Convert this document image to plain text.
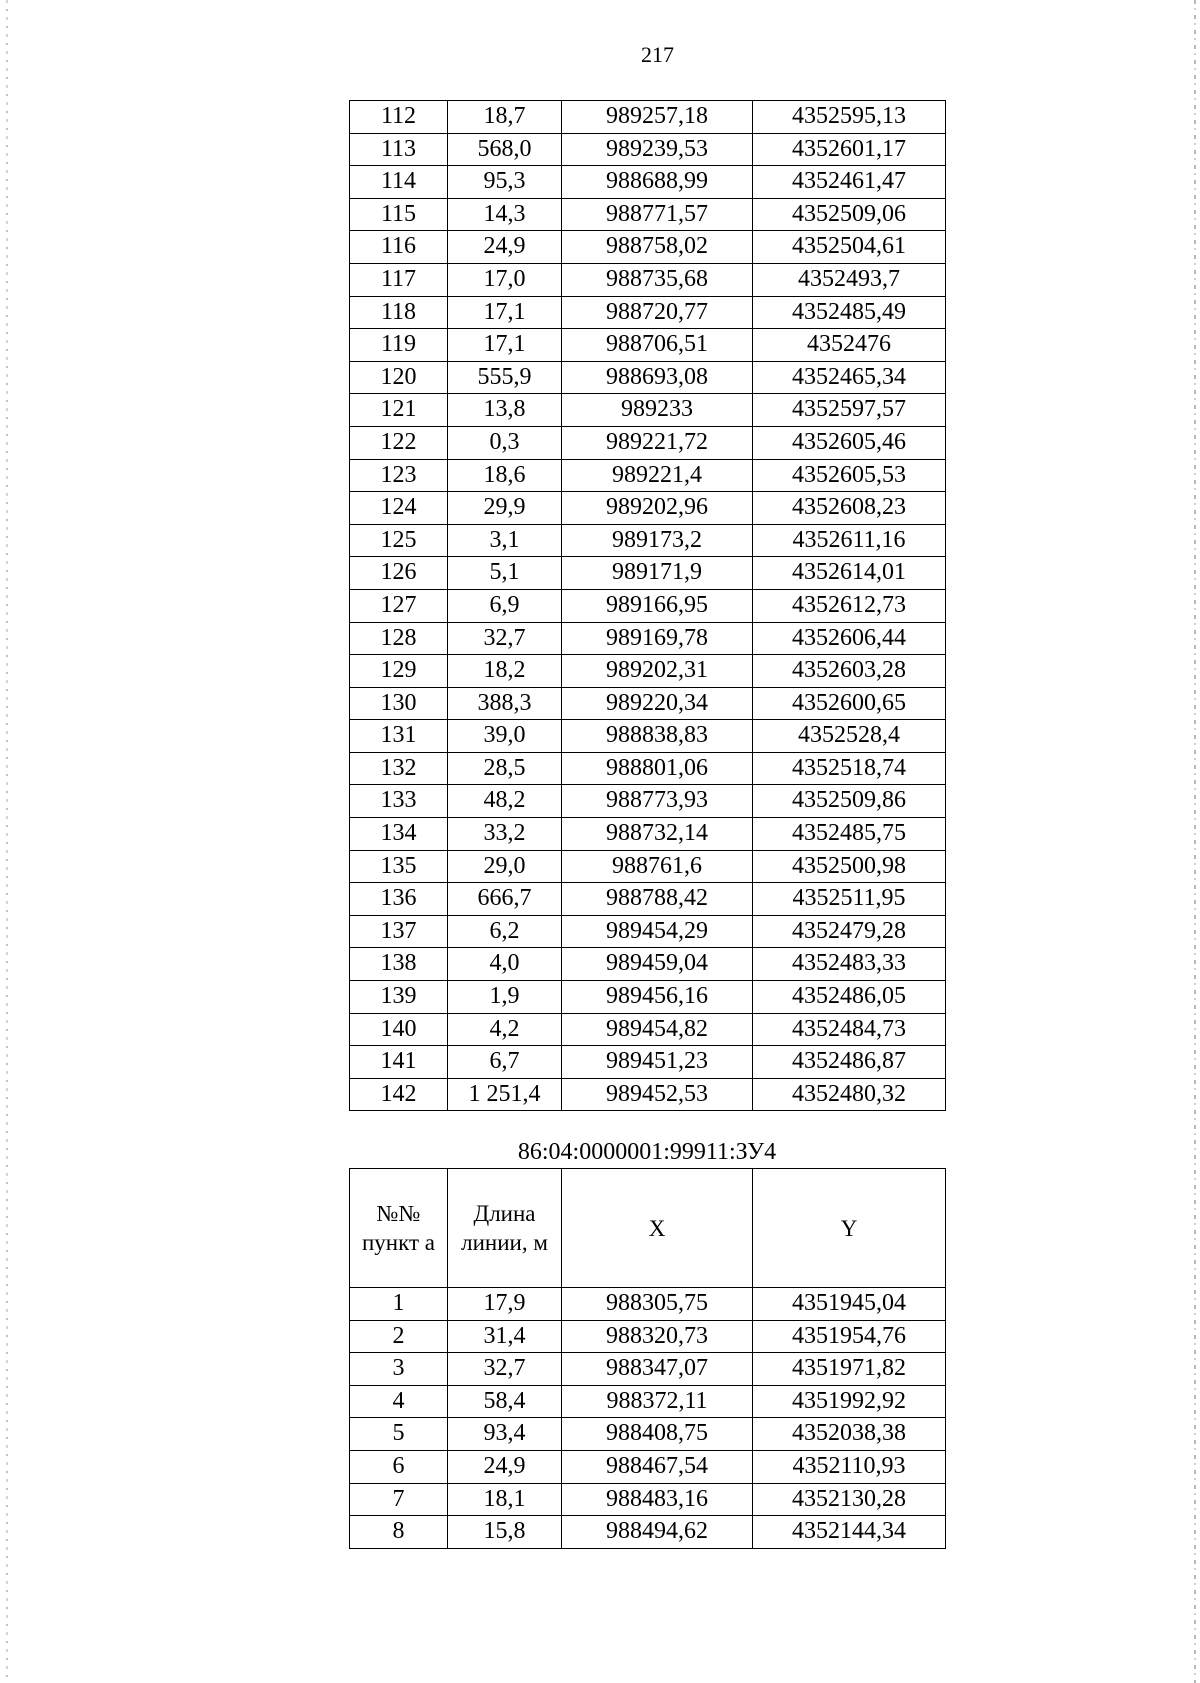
217
112	18,7	989257,18	4352595,13
113	568,0	989239,53	4352601,17
114	95,3	988688,99	4352461,47
115	14,3	988771,57	4352509,06
116	24,9	988758,02	4352504,61
117	17,0	988735,68	4352493,7
118	17,1	988720,77	4352485,49
119	17,1	988706,51	4352476
120	555,9	988693,08	4352465,34
121	13,8	989233	4352597,57
122	0,3	989221,72	4352605,46
123	18,6	989221,4	4352605,53
124	29,9	989202,96	4352608,23
125	3,1	989173,2	4352611,16
126	5,1	989171,9	4352614,01
127	6,9	989166,95	4352612,73
128	32,7	989169,78	4352606,44
129	18,2	989202,31	4352603,28
130	388,3	989220,34	4352600,65
131	39,0	988838,83	4352528,4
132	28,5	988801,06	4352518,74
133	48,2	988773,93	4352509,86
134	33,2	988732,14	4352485,75
135	29,0	988761,6	4352500,98
136	666,7	988788,42	4352511,95
137	6,2	989454,29	4352479,28
138	4,0	989459,04	4352483,33
139	1,9	989456,16	4352486,05
140	4,2	989454,82	4352484,73
141	6,7	989451,23	4352486,87
142	1 251,4	989452,53	4352480,32
86:04:0000001:99911:ЗУ4
№№ пункт а	Длина линии, м	X	Y
1	17,9	988305,75	4351945,04
2	31,4	988320,73	4351954,76
3	32,7	988347,07	4351971,82
4	58,4	988372,11	4351992,92
5	93,4	988408,75	4352038,38
6	24,9	988467,54	4352110,93
7	18,1	988483,16	4352130,28
8	15,8	988494,62	4352144,34
